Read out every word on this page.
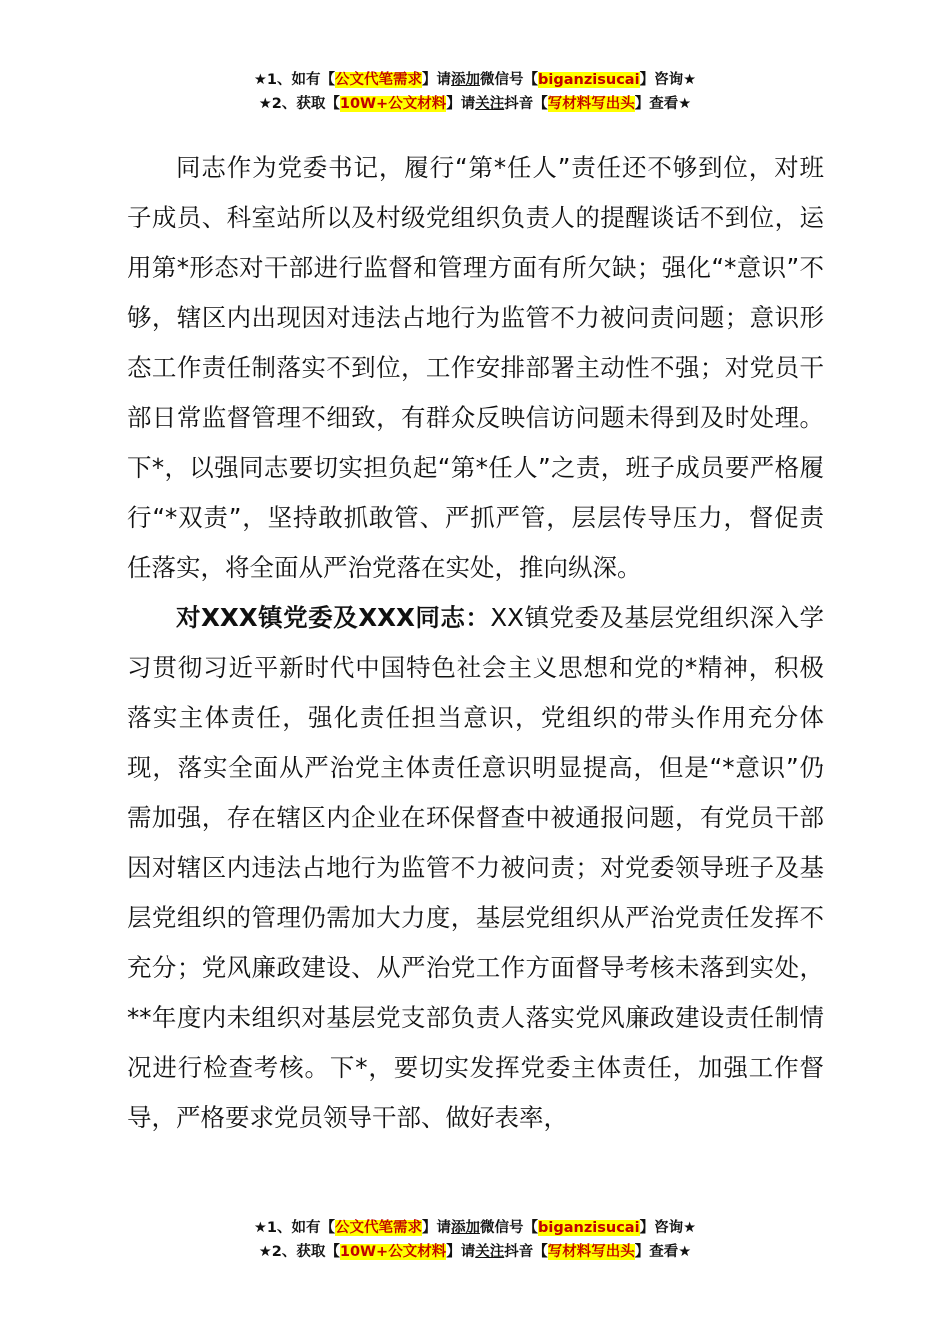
★1、如有【公文代笔需求】请添加微信号【biganzisucai】咨询★
★2、获取【10W+公文材料】请关注抖音【写材料写出头】查看★

同志作为党委书记，履行“第*任人”责任还不够到位，对班子成员、科室站所以及村级党组织负责人的提醒谈话不到位，运用第*形态对干部进行监督和管理方面有所欠缺；强化“*意识”不够，辖区内出现因对违法占地行为监管不力被问责问题；意识形态工作责任制落实不到位，工作安排部署主动性不强；对党员干部日常监督管理不细致，有群众反映信访问题未得到及时处理。下*，以强同志要切实担负起“第*任人”之责，班子成员要严格履行“*双责”，坚持敢抓敢管、严抓严管，层层传导压力，督促责任落实，将全面从严治党落在实处，推向纵深。

对XXX镇党委及XXX同志：XX镇党委及基层党组织深入学习贯彻习近平新时代中国特色社会主义思想和党的*精神，积极落实主体责任，强化责任担当意识，党组织的带头作用充分体现，落实全面从严治党主体责任意识明显提高，但是“*意识”仍需加强，存在辖区内企业在环保督查中被通报问题，有党员干部因对辖区内违法占地行为监管不力被问责；对党委领导班子及基层党组织的管理仍需加大力度，基层党组织从严治党责任发挥不充分；党风廉政建设、从严治党工作方面督导考核未落到实处，**年度内未组织对基层党支部负责人落实党风廉政建设责任制情况进行检查考核。下*，要切实发挥党委主体责任，加强工作督导，严格要求党员领导干部、做好表率，

★1、如有【公文代笔需求】请添加微信号【biganzisucai】咨询★
★2、获取【10W+公文材料】请关注抖音【写材料写出头】查看★
